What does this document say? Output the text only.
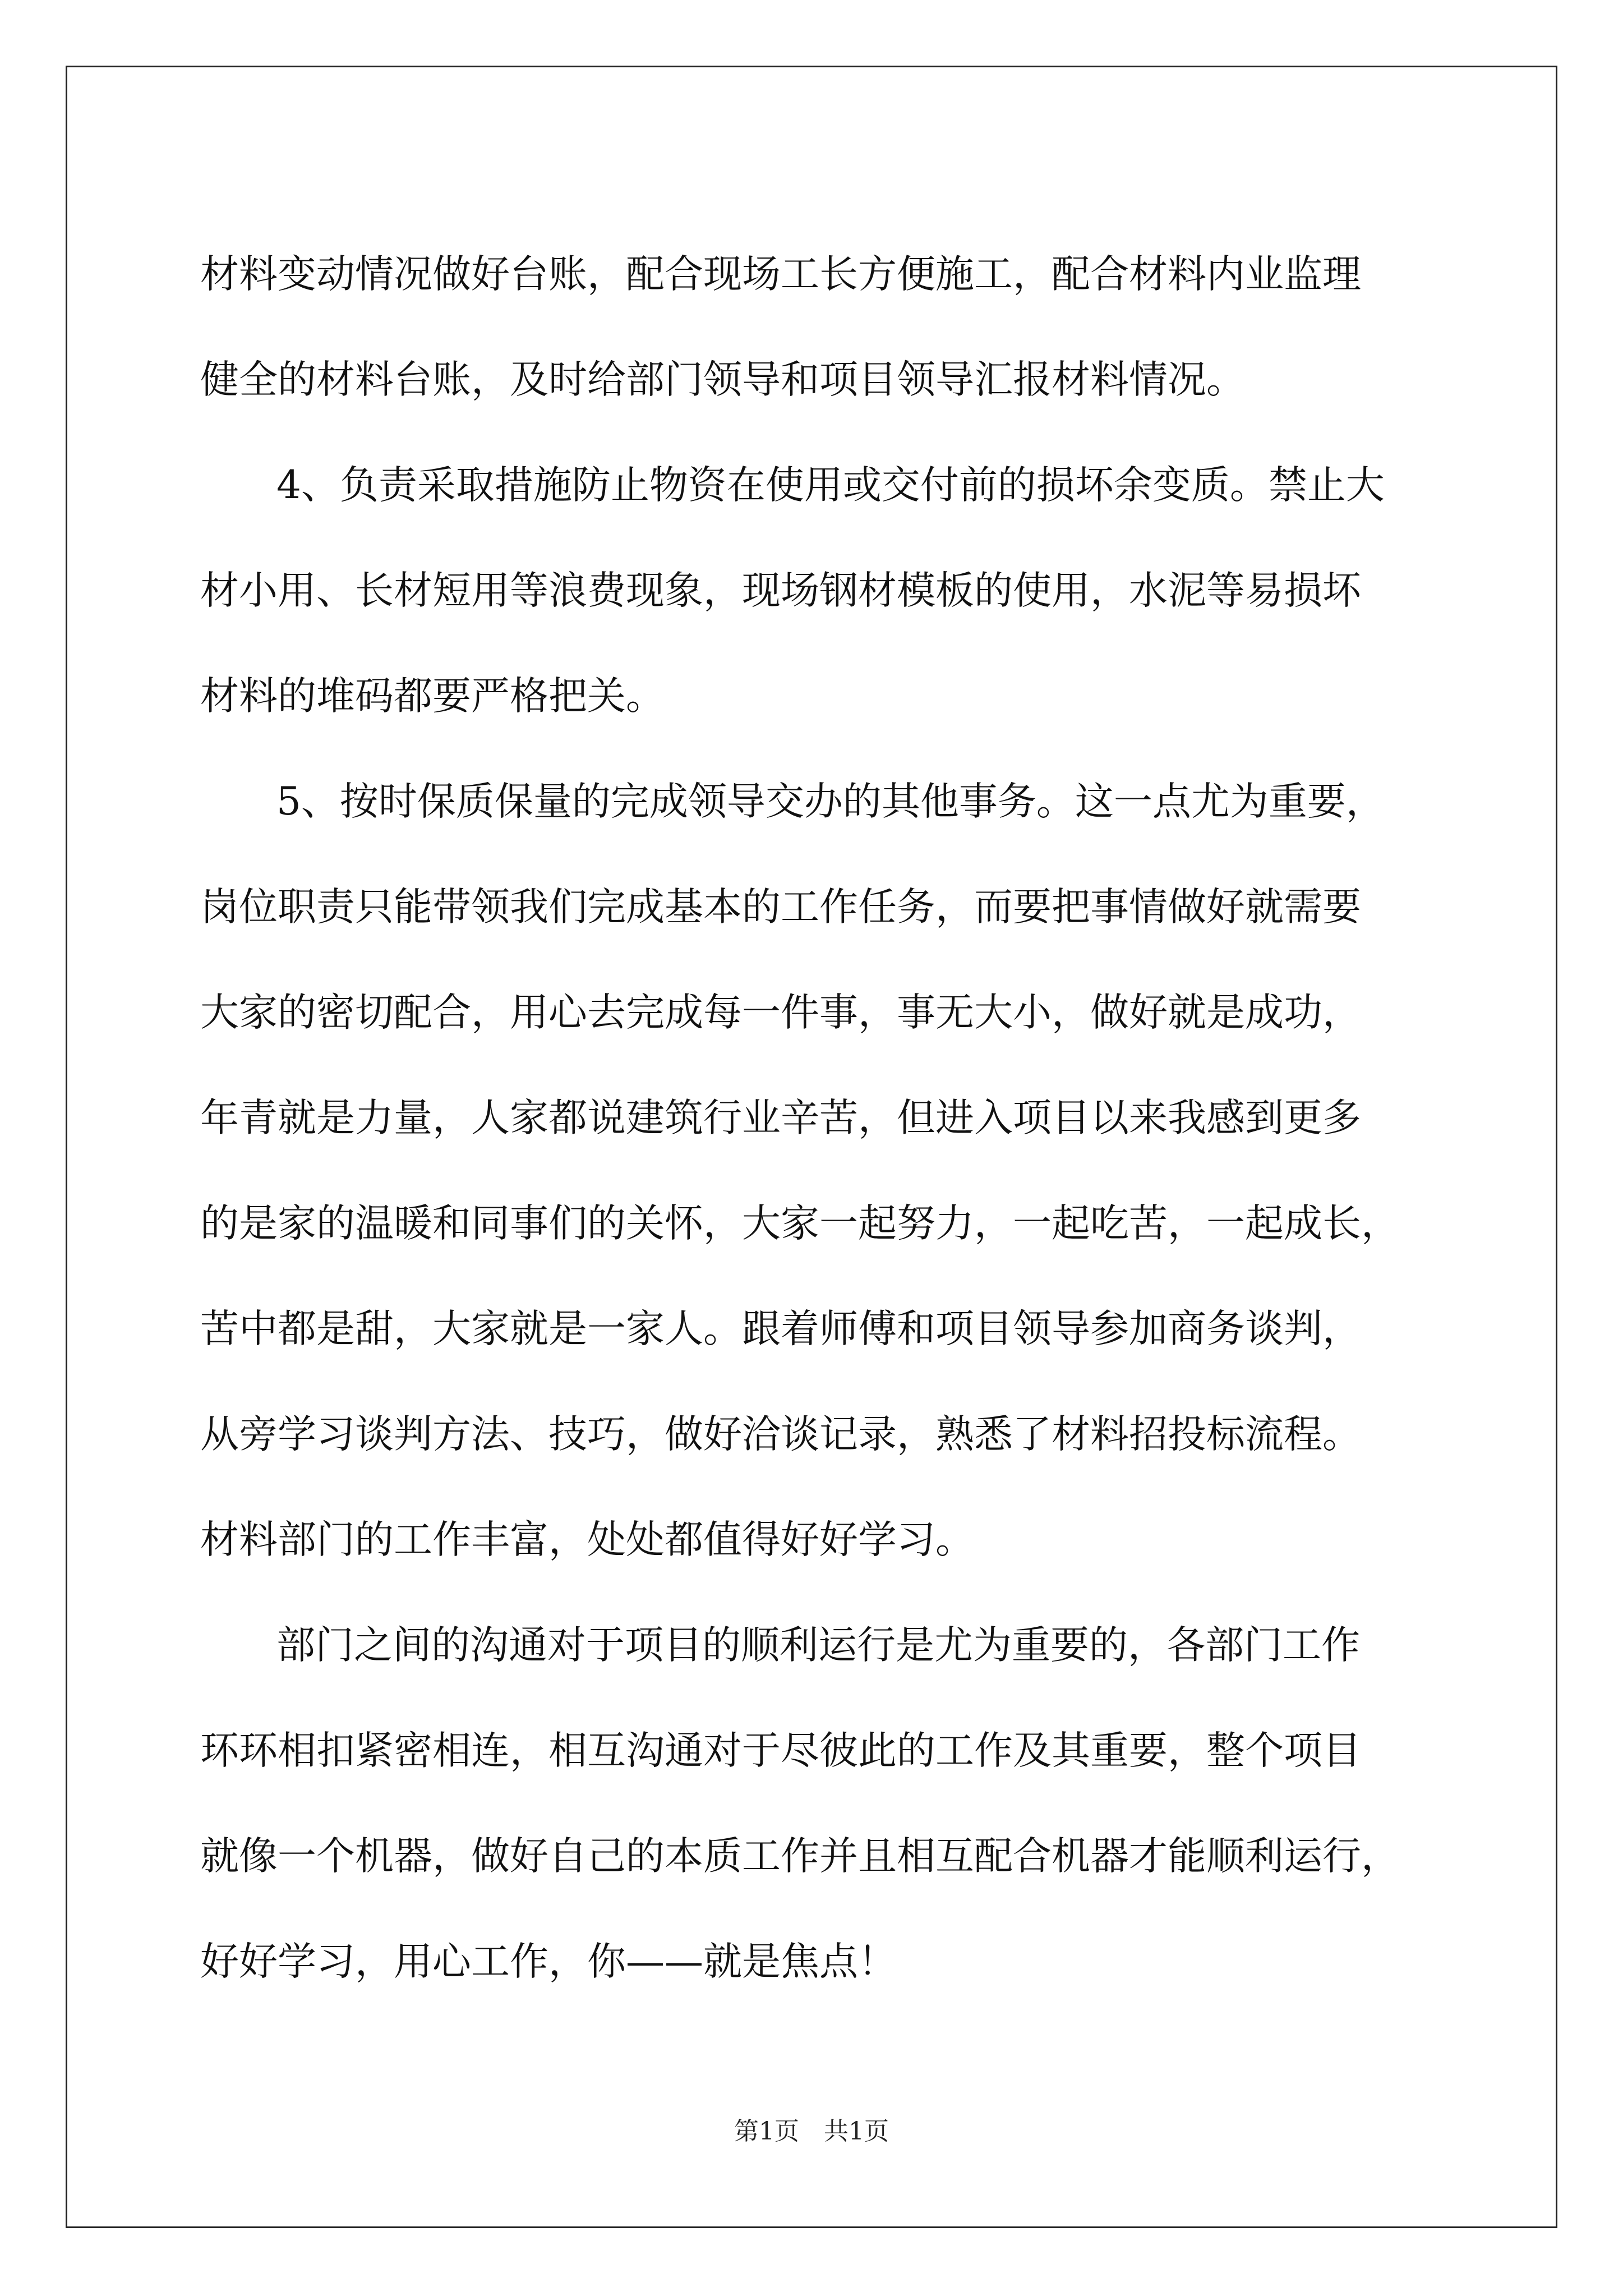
材料变动情况做好台账，配合现场工长方便施工，配合材料内业监理
健全的材料台账，及时给部门领导和项目领导汇报材料情况。
4、负责采取措施防止物资在使用或交付前的损坏余变质。禁止大
材小用、长材短用等浪费现象，现场钢材模板的使用，水泥等易损坏
材料的堆码都要严格把关。
5、按时保质保量的完成领导交办的其他事务。这一点尤为重要，
岗位职责只能带领我们完成基本的工作任务，而要把事情做好就需要
大家的密切配合，用心去完成每一件事，事无大小，做好就是成功，
年青就是力量，人家都说建筑行业辛苦，但进入项目以来我感到更多
的是家的温暖和同事们的关怀，大家一起努力，一起吃苦，一起成长，
苦中都是甜，大家就是一家人。跟着师傅和项目领导参加商务谈判，
从旁学习谈判方法、技巧，做好洽谈记录，熟悉了材料招投标流程。
材料部门的工作丰富，处处都值得好好学习。
部门之间的沟通对于项目的顺利运行是尤为重要的，各部门工作
环环相扣紧密相连，相互沟通对于尽彼此的工作及其重要，整个项目
就像一个机器，做好自己的本质工作并且相互配合机器才能顺利运行，
好好学习，用心工作，你——就是焦点！
第1页　共1页
